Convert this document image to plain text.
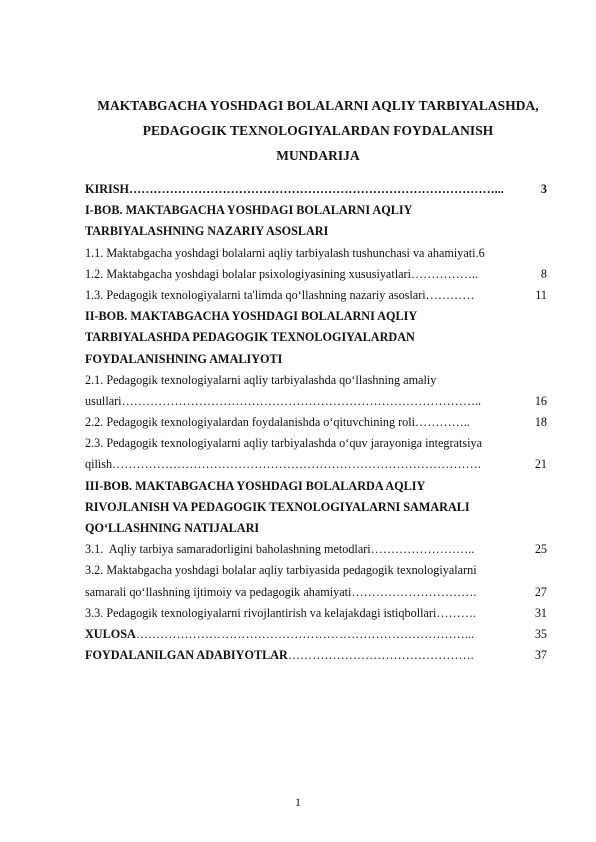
MAKTABGACHA YOSHDAGI BOLALARNI AQLIY TARBIYALASHDA,
PEDAGOGIK TEXNOLOGIYALARDAN FOYDALANISH
MUNDARIJA
KIRISH ………………………………………………………………………………...	3
I-BOB. MAKTABGACHA YOSHDAGI BOLALARNI AQLIY
TARBIYALASHNING NAZARIY ASOSLARI
1.1. Maktabgacha yoshdagi bolalarni aqliy tarbiyalash tushunchasi va ahamiyati. 6
1.2. Maktabgacha yoshdagi bolalar psixologiyasining xususiyatlari ……………..	8
1.3. Pedagogik texnologiyalarni ta'limda qo‘llashning nazariy asoslari …………	11
II-BOB. MAKTABGACHA YOSHDAGI BOLALARNI AQLIY
TARBIYALASHDA PEDAGOGIK TEXNOLOGIYALARDAN
FOYDALANISHNING AMALIYOTI
2.1. Pedagogik texnologiyalarni aqliy tarbiyalashda qo‘llashning amaliy
usullari ……………………………………………………………………………..	16
2.2. Pedagogik texnologiyalardan foydalanishda o‘qituvchining roli …………..	18
2.3. Pedagogik texnologiyalarni aqliy tarbiyalashda o‘quv jarayoniga integratsiya
qilish ……………………………………………………………………………….	21
III-BOB. MAKTABGACHA YOSHDAGI BOLALARDA AQLIY
RIVOJLANISH VA PEDAGOGIK TEXNOLOGIYALARNI SAMARALI
QO‘LLASHNING NATIJALARI
3.1.  Aqliy tarbiya samaradorligini baholashning metodlari ……………………..	25
3.2. Maktabgacha yoshdagi bolalar aqliy tarbiyasida pedagogik texnologiyalarni
samarali qo‘llashning ijtimoiy va pedagogik ahamiyati ………………………….	27
3.3. Pedagogik texnologiyalarni rivojlantirish va kelajakdagi istiqbollari ……….	31
XULOSA ………………………………………………………………………...	35
FOYDALANILGAN ADABIYOTLAR ……………………………………….	37
1
